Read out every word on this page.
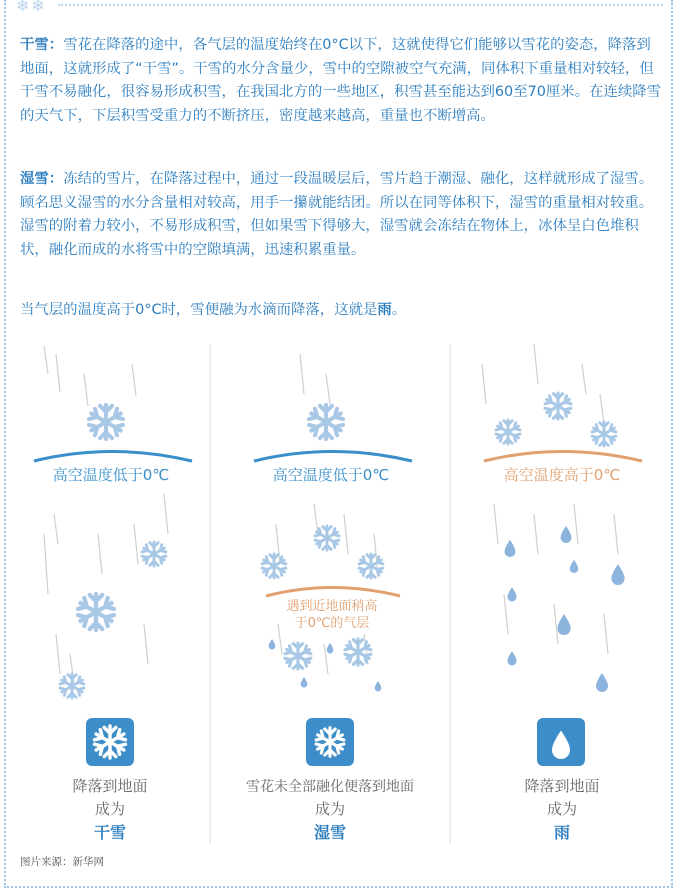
❄❄
干雪：雪花在降落的途中，各气层的温度始终在0°C以下，这就使得它们能够以雪花的姿态，降落到地面，这就形成了“干雪”。干雪的水分含量少，雪中的空隙被空气充满，同体积下重量相对较轻，但干雪不易融化，很容易形成积雪，在我国北方的一些地区，积雪甚至能达到60至70厘米。在连续降雪的天气下，下层积雪受重力的不断挤压，密度越来越高，重量也不断增高。
湿雪：冻结的雪片，在降落过程中，通过一段温暖层后，雪片趋于潮湿、融化，这样就形成了湿雪。顾名思义湿雪的水分含量相对较高，用手一攥就能结团。所以在同等体积下，湿雪的重量相对较重。湿雪的附着力较小，不易形成积雪，但如果雪下得够大，湿雪就会冻结在物体上，冰体呈白色堆积状，融化而成的水将雪中的空隙填满，迅速积累重量。
当气层的温度高于0°C时，雪便融为水滴而降落，这就是雨。
高空温度低于0℃
降落到地面
成为
干雪
高空温度低于0℃
遇到近地面稍高
于0℃的气层
雪花未全部融化便落到地面
成为
湿雪
高空温度高于0℃
降落到地面
成为
雨
图片来源：新华网
